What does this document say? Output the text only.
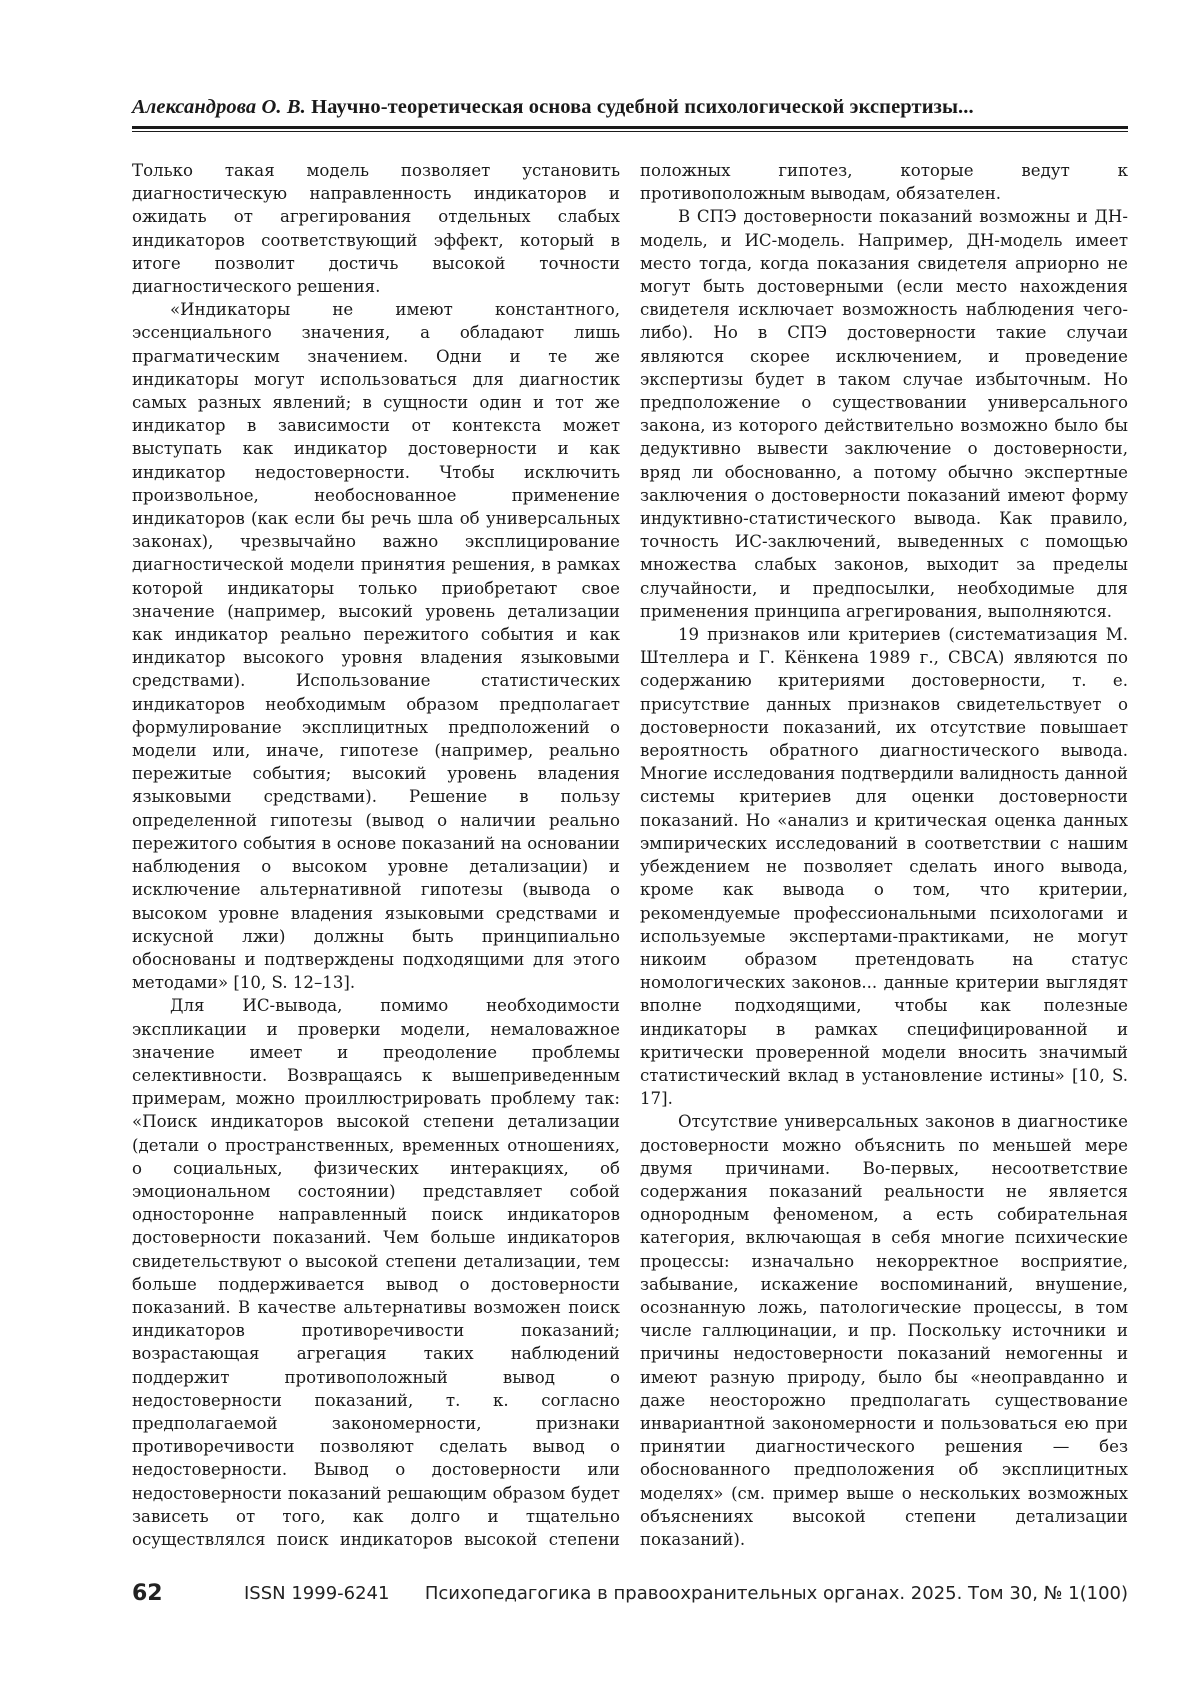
Александрова О. В. Научно-теоретическая основа судебной психологической экспертизы...

Только такая модель позволяет установить диагностическую направленность индикаторов и ожидать от агрегирования отдельных слабых индикаторов соответствующий эффект, который в итоге позволит достичь высокой точности диагностического решения.

«Индикаторы не имеют константного, эссенциального значения, а обладают лишь прагматическим значением. Одни и те же индикаторы могут использоваться для диагностик самых разных явлений; в сущности один и тот же индикатор в зависимости от контекста может выступать как индикатор достоверности и как индикатор недостоверности. Чтобы исключить произвольное, необоснованное применение индикаторов (как если бы речь шла об универсальных законах), чрезвычайно важно эксплицирование диагностической модели принятия решения, в рамках которой индикаторы только приобретают свое значение (например, высокий уровень детализации как индикатор реально пережитого события и как индикатор высокого уровня владения языковыми средствами). Использование статистических индикаторов необходимым образом предполагает формулирование эксплицитных предположений о модели или, иначе, гипотезе (например, реально пережитые события; высокий уровень владения языковыми средствами). Решение в пользу определенной гипотезы (вывод о наличии реально пережитого события в основе показаний на основании наблюдения о высоком уровне детализации) и исключение альтернативной гипотезы (вывода о высоком уровне владения языковыми средствами и искусной лжи) должны быть принципиально обоснованы и подтверждены подходящими для этого методами» [10, S. 12–13].

Для ИС-вывода, помимо необходимости экспликации и проверки модели, немаловажное значение имеет и преодоление проблемы селективности. Возвращаясь к вышеприведенным примерам, можно проиллюстрировать проблему так: «Поиск индикаторов высокой степени детализации (детали о пространственных, временных отношениях, о социальных, физических интеракциях, об эмоциональном состоянии) представляет собой односторонне направленный поиск индикаторов достоверности показаний. Чем больше индикаторов свидетельствуют о высокой степени детализации, тем больше поддерживается вывод о достоверности показаний. В качестве альтернативы возможен поиск индикаторов противоречивости показаний; возрастающая агрегация таких наблюдений поддержит противоположный вывод о недостоверности показаний, т. к. согласно предполагаемой закономерности, признаки противоречивости позволяют сделать вывод о недостоверности. Вывод о достоверности или недостоверности показаний решающим образом будет зависеть от того, как долго и тщательно осуществлялся поиск индикаторов высокой степени

положных гипотез, которые ведут к противоположным выводам, обязателен.

В СПЭ достоверности показаний возможны и ДН-модель, и ИС-модель. Например, ДН-модель имеет место тогда, когда показания свидетеля априорно не могут быть достоверными (если место нахождения свидетеля исключает возможность наблюдения чего-либо). Но в СПЭ достоверности такие случаи являются скорее исключением, и проведение экспертизы будет в таком случае избыточным. Но предположение о существовании универсального закона, из которого действительно возможно было бы дедуктивно вывести заключение о достоверности, вряд ли обоснованно, а потому обычно экспертные заключения о достоверности показаний имеют форму индуктивно-статистического вывода. Как правило, точность ИС-заключений, выведенных с помощью множества слабых законов, выходит за пределы случайности, и предпосылки, необходимые для применения принципа агрегирования, выполняются.

19 признаков или критериев (систематизация М. Штеллера и Г. Кёнкена 1989 г., CBCA) являются по содержанию критериями достоверности, т. е. присутствие данных признаков свидетельствует о достоверности показаний, их отсутствие повышает вероятность обратного диагностического вывода. Многие исследования подтвердили валидность данной системы критериев для оценки достоверности показаний. Но «анализ и критическая оценка данных эмпирических исследований в соответствии с нашим убеждением не позволяет сделать иного вывода, кроме как вывода о том, что критерии, рекомендуемые профессиональными психологами и используемые экспертами-практиками, не могут никоим образом претендовать на статус номологических законов... данные критерии выглядят вполне подходящими, чтобы как полезные индикаторы в рамках специфицированной и критически проверенной модели вносить значимый статистический вклад в установление истины» [10, S. 17].

Отсутствие универсальных законов в диагностике достоверности можно объяснить по меньшей мере двумя причинами. Во-первых, несоответствие содержания показаний реальности не является однородным феноменом, а есть собирательная категория, включающая в себя многие психические процессы: изначально некорректное восприятие, забывание, искажение воспоминаний, внушение, осознанную ложь, патологические процессы, в том числе галлюцинации, и пр. Поскольку источники и причины недостоверности показаний немогенны и имеют разную природу, было бы «неоправданно и даже неосторожно предполагать существование инвариантной закономерности и пользоваться ею при принятии диагностического решения — без обоснованного предположения об эксплицитных моделях» (см. пример выше о нескольких возможных объяснениях высокой степени детализации показаний).

62	ISSN 1999-6241 Психопедагогика в правоохранительных органах. 2025. Том 30, № 1(100)
